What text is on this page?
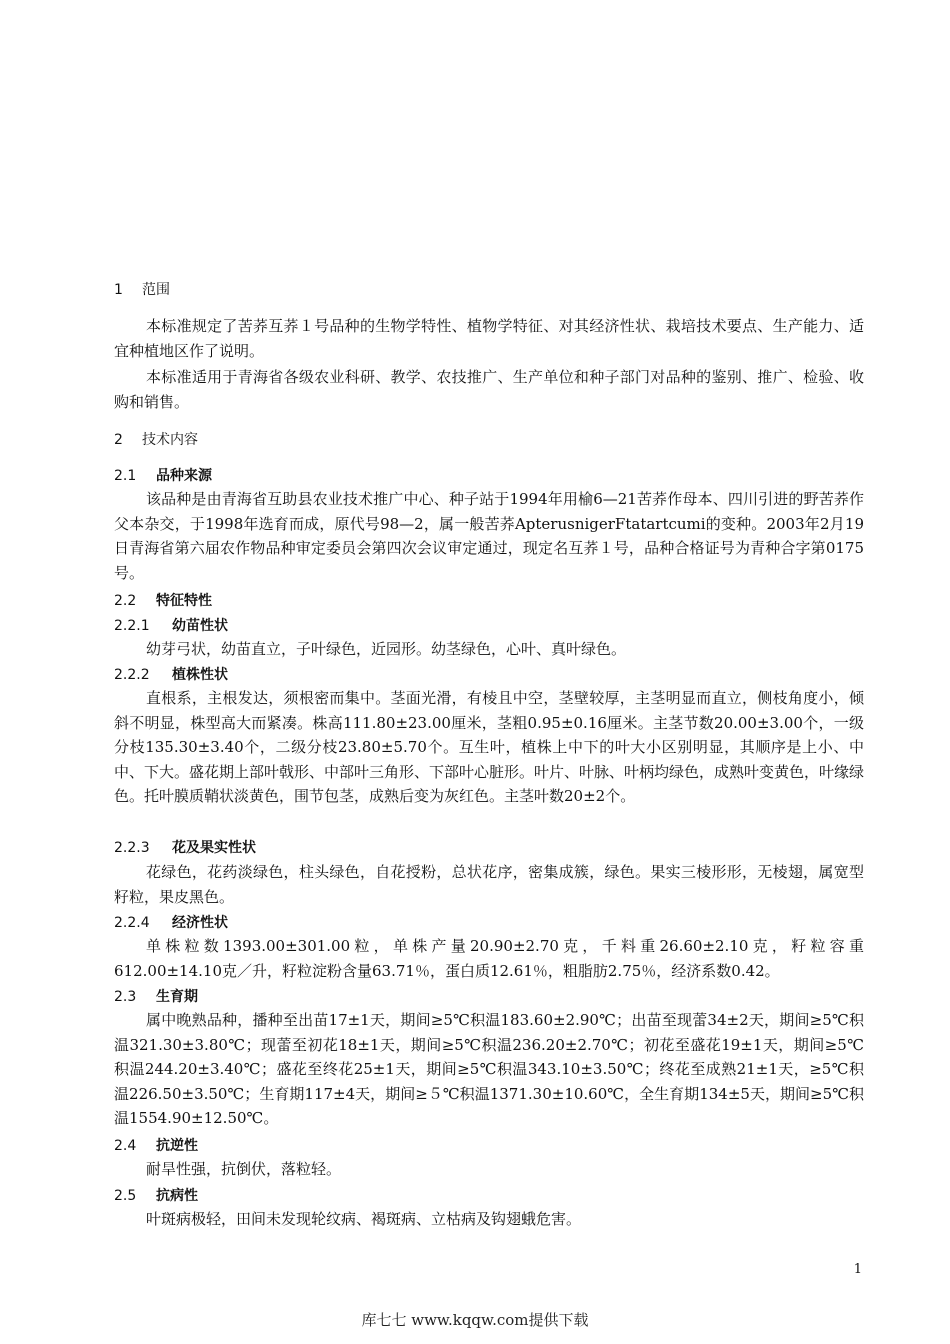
1 范围
本标准规定了苦荞互荞１号品种的生物学特性、植物学特征、对其经济性状、栽培技术要点、生产能力、适宜种植地区作了说明。
本标准适用于青海省各级农业科研、教学、农技推广、生产单位和种子部门对品种的鉴别、推广、检验、收购和销售。
2 技术内容
2.1 品种来源
该品种是由青海省互助县农业技术推广中心、种子站于1994年用榆6—21苦荞作母本、四川引进的野苦荞作父本杂交，于1998年选育而成，原代号98—2，属一般苦荞ApterusnigerFtatartcumi的变种。2003年2月19日青海省第六届农作物品种审定委员会第四次会议审定通过，现定名互荞１号，品种合格证号为青种合字第0175号。
2.2 特征特性
2.2.1 幼苗性状
幼芽弓状，幼苗直立，子叶绿色，近园形。幼茎绿色，心叶、真叶绿色。
2.2.2 植株性状
直根系，主根发达，须根密而集中。茎面光滑，有棱且中空，茎壁较厚，主茎明显而直立，侧枝角度小，倾斜不明显，株型高大而紧凑。株高111.80±23.00厘米，茎粗0.95±0.16厘米。主茎节数20.00±3.00个，一级分枝135.30±3.40个，二级分枝23.80±5.70个。互生叶，植株上中下的叶大小区别明显，其顺序是上小、中中、下大。盛花期上部叶戟形、中部叶三角形、下部叶心脏形。叶片、叶脉、叶柄均绿色，成熟叶变黄色，叶缘绿色。托叶膜质鞘状淡黄色，围节包茎，成熟后变为灰红色。主茎叶数20±2个。
2.2.3 花及果实性状
花绿色，花药淡绿色，柱头绿色，自花授粉，总状花序，密集成簇，绿色。果实三棱形形，无棱翅，属宽型籽粒，果皮黑色。
2.2.4 经济性状
单株粒数1393.00±301.00粒，单株产量20.90±2.70克，千料重26.60±2.10克，籽粒容重612.00±14.10克／升，籽粒淀粉含量63.71％，蛋白质12.61％，粗脂肪2.75％，经济系数0.42。
2.3 生育期
属中晚熟品种，播种至出苗17±1天，期间≥5℃积温183.60±2.90℃；出苗至现蕾34±2天，期间≥5℃积温321.30±3.80℃；现蕾至初花18±1天，期间≥5℃积温236.20±2.70℃；初花至盛花19±1天，期间≥5℃积温244.20±3.40℃；盛花至终花25±1天，期间≥5℃积温343.10±3.50℃；终花至成熟21±1天，≥5℃积温226.50±3.50℃；生育期117±4天，期间≥５℃积温1371.30±10.60℃，全生育期134±5天，期间≥5℃积温1554.90±12.50℃。
2.4 抗逆性
耐旱性强，抗倒伏，落粒轻。
2.5 抗病性
叶斑病极轻，田间未发现轮纹病、褐斑病、立枯病及钩翅蛾危害。
1
库七七 www.kqqw.com提供下载
